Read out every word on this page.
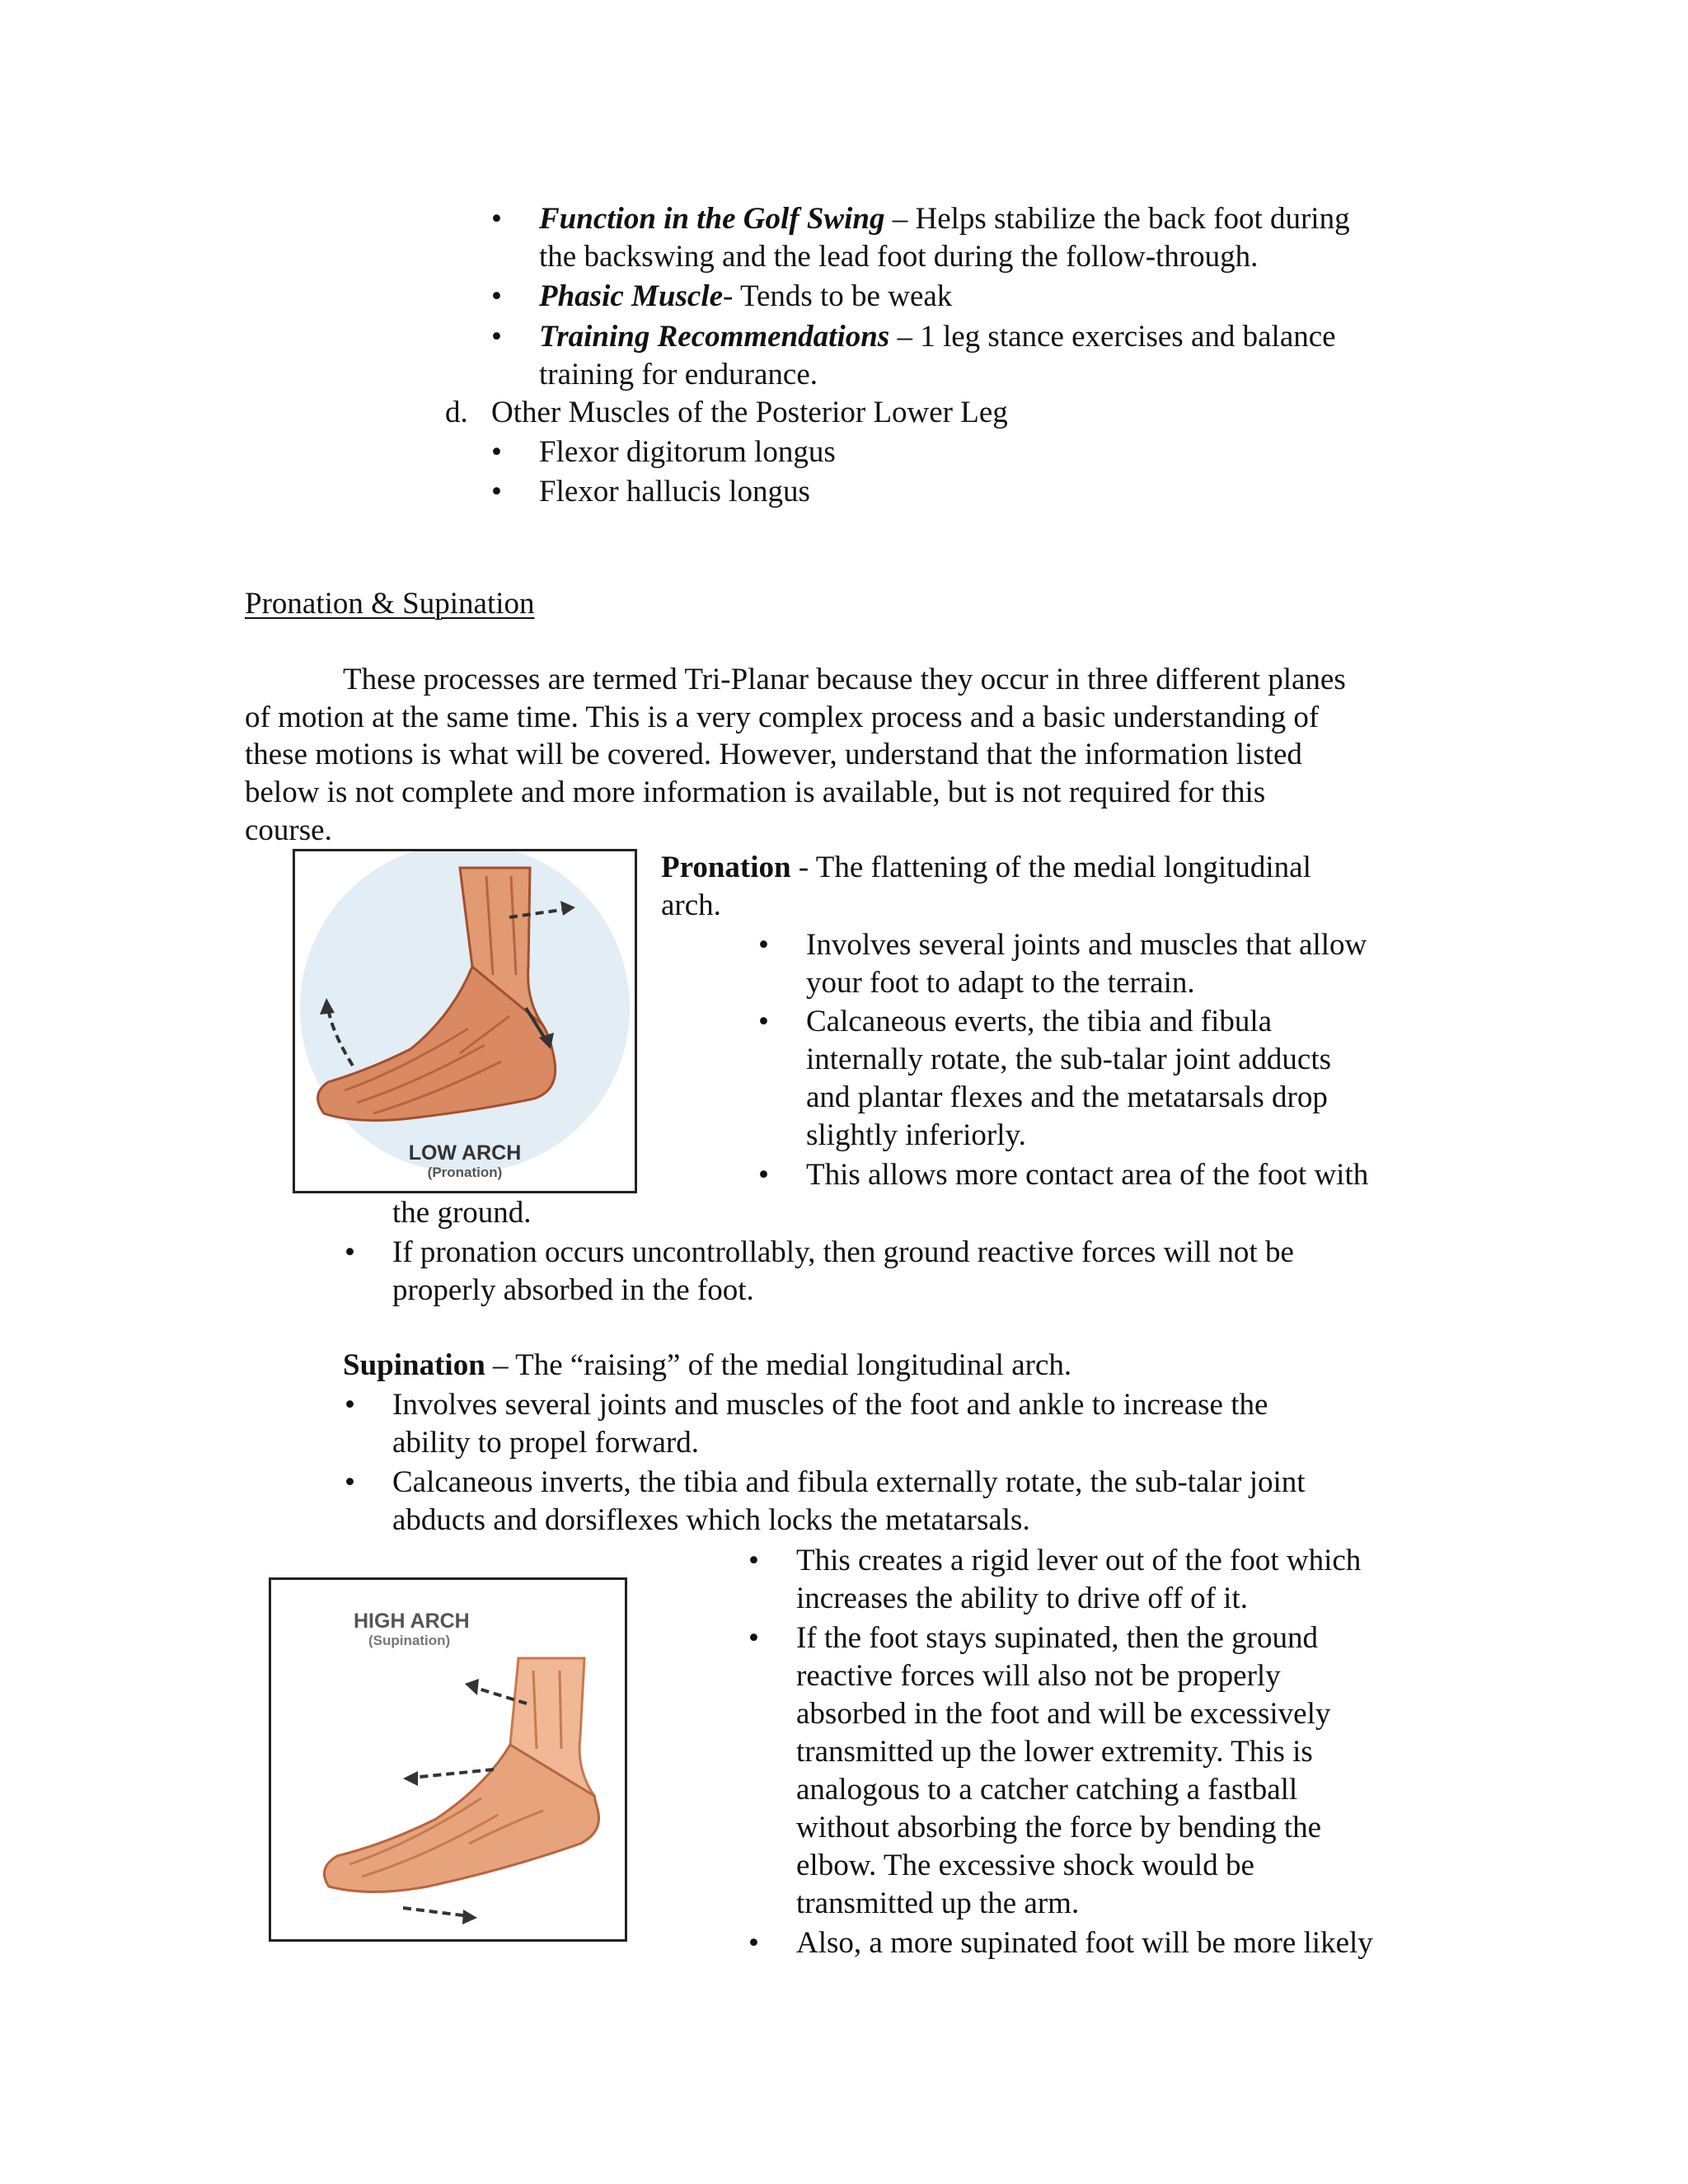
• Function in the Golf Swing – Helps stabilize the back foot during
the backswing and the lead foot during the follow-through.
• Phasic Muscle- Tends to be weak
• Training Recommendations – 1 leg stance exercises and balance
training for endurance.
d. Other Muscles of the Posterior Lower Leg
• Flexor digitorum longus
• Flexor hallucis longus
Pronation & Supination
These processes are termed Tri-Planar because they occur in three different planes
of motion at the same time. This is a very complex process and a basic understanding of
these motions is what will be covered. However, understand that the information listed
below is not complete and more information is available, but is not required for this
course.
LOW ARCH
(Pronation)
Pronation - The flattening of the medial longitudinal
arch.
• Involves several joints and muscles that allow
your foot to adapt to the terrain.
• Calcaneous everts, the tibia and fibula
internally rotate, the sub-talar joint adducts
and plantar flexes and the metatarsals drop
slightly inferiorly.
• This allows more contact area of the foot with
the ground.
• If pronation occurs uncontrollably, then ground reactive forces will not be
properly absorbed in the foot.
Supination – The “raising” of the medial longitudinal arch.
• Involves several joints and muscles of the foot and ankle to increase the
ability to propel forward.
• Calcaneous inverts, the tibia and fibula externally rotate, the sub-talar joint
abducts and dorsiflexes which locks the metatarsals.
HIGH ARCH
(Supination)
• This creates a rigid lever out of the foot which
increases the ability to drive off of it.
• If the foot stays supinated, then the ground
reactive forces will also not be properly
absorbed in the foot and will be excessively
transmitted up the lower extremity. This is
analogous to a catcher catching a fastball
without absorbing the force by bending the
elbow. The excessive shock would be
transmitted up the arm.
• Also, a more supinated foot will be more likely
